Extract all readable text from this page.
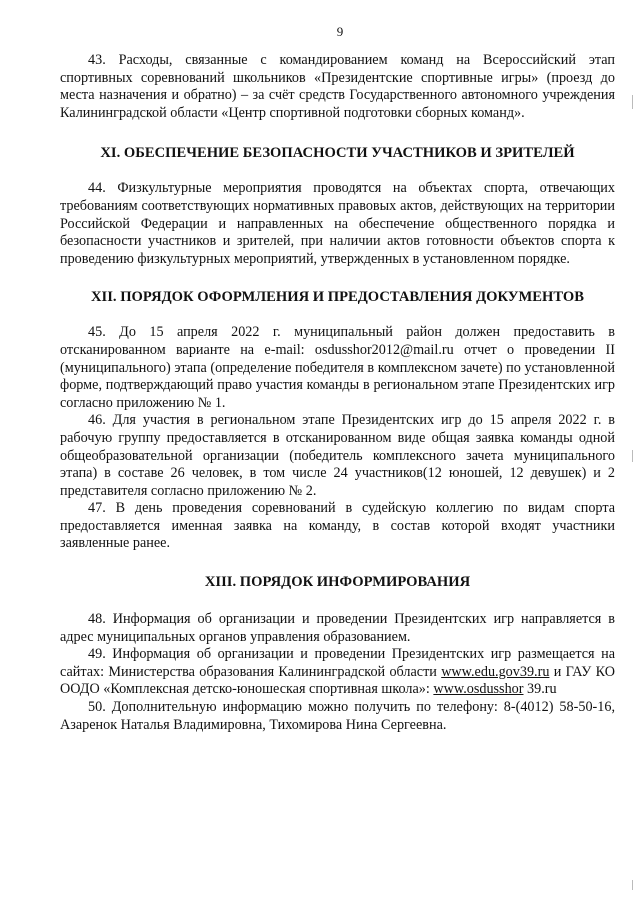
9

43. Расходы, связанные с командированием команд на Всероссийский этап спортивных соревнований школьников «Президентские спортивные игры» (проезд до места назначения и обратно) – за счёт средств Государственного автономного учреждения Калининградской области «Центр спортивной подготовки сборных команд».

XI. ОБЕСПЕЧЕНИЕ БЕЗОПАСНОСТИ УЧАСТНИКОВ И ЗРИТЕЛЕЙ

44. Физкультурные мероприятия проводятся на объектах спорта, отвечающих требованиям соответствующих нормативных правовых актов, действующих на территории Российской Федерации и направленных на обеспечение общественного порядка и безопасности участников и зрителей, при наличии актов готовности объектов спорта к проведению физкультурных мероприятий, утвержденных в установленном порядке.

XII. ПОРЯДОК ОФОРМЛЕНИЯ И ПРЕДОСТАВЛЕНИЯ ДОКУМЕНТОВ

45. До 15 апреля 2022 г. муниципальный район должен предоставить в отсканированном варианте на e-mail: osdusshor2012@mail.ru отчет о проведении II (муниципального) этапа (определение победителя в комплексном зачете) по установленной форме, подтверждающий право участия команды в региональном этапе Президентских игр согласно приложению № 1.

46. Для участия в региональном этапе Президентских игр до 15 апреля 2022 г. в рабочую группу предоставляется в отсканированном виде общая заявка команды одной общеобразовательной организации (победитель комплексного зачета муниципального этапа) в составе 26 человек, в том числе 24 участников(12 юношей, 12 девушек) и 2 представителя согласно приложению № 2.

47. В день проведения соревнований в судейскую коллегию по видам спорта предоставляется именная заявка на команду, в состав которой входят участники заявленные ранее.

XIII. ПОРЯДОК ИНФОРМИРОВАНИЯ

48. Информация об организации и проведении Президентских игр направляется в адрес муниципальных органов управления образованием.

49. Информация об организации и проведении Президентских игр размещается на сайтах: Министерства образования Калининградской области www.edu.gov39.ru и ГАУ КО ООДО «Комплексная детско-юношеская спортивная школа»: www.osdusshor 39.ru

50. Дополнительную информацию можно получить по телефону: 8-(4012) 58-50-16, Азаренок Наталья Владимировна, Тихомирова Нина Сергеевна.
